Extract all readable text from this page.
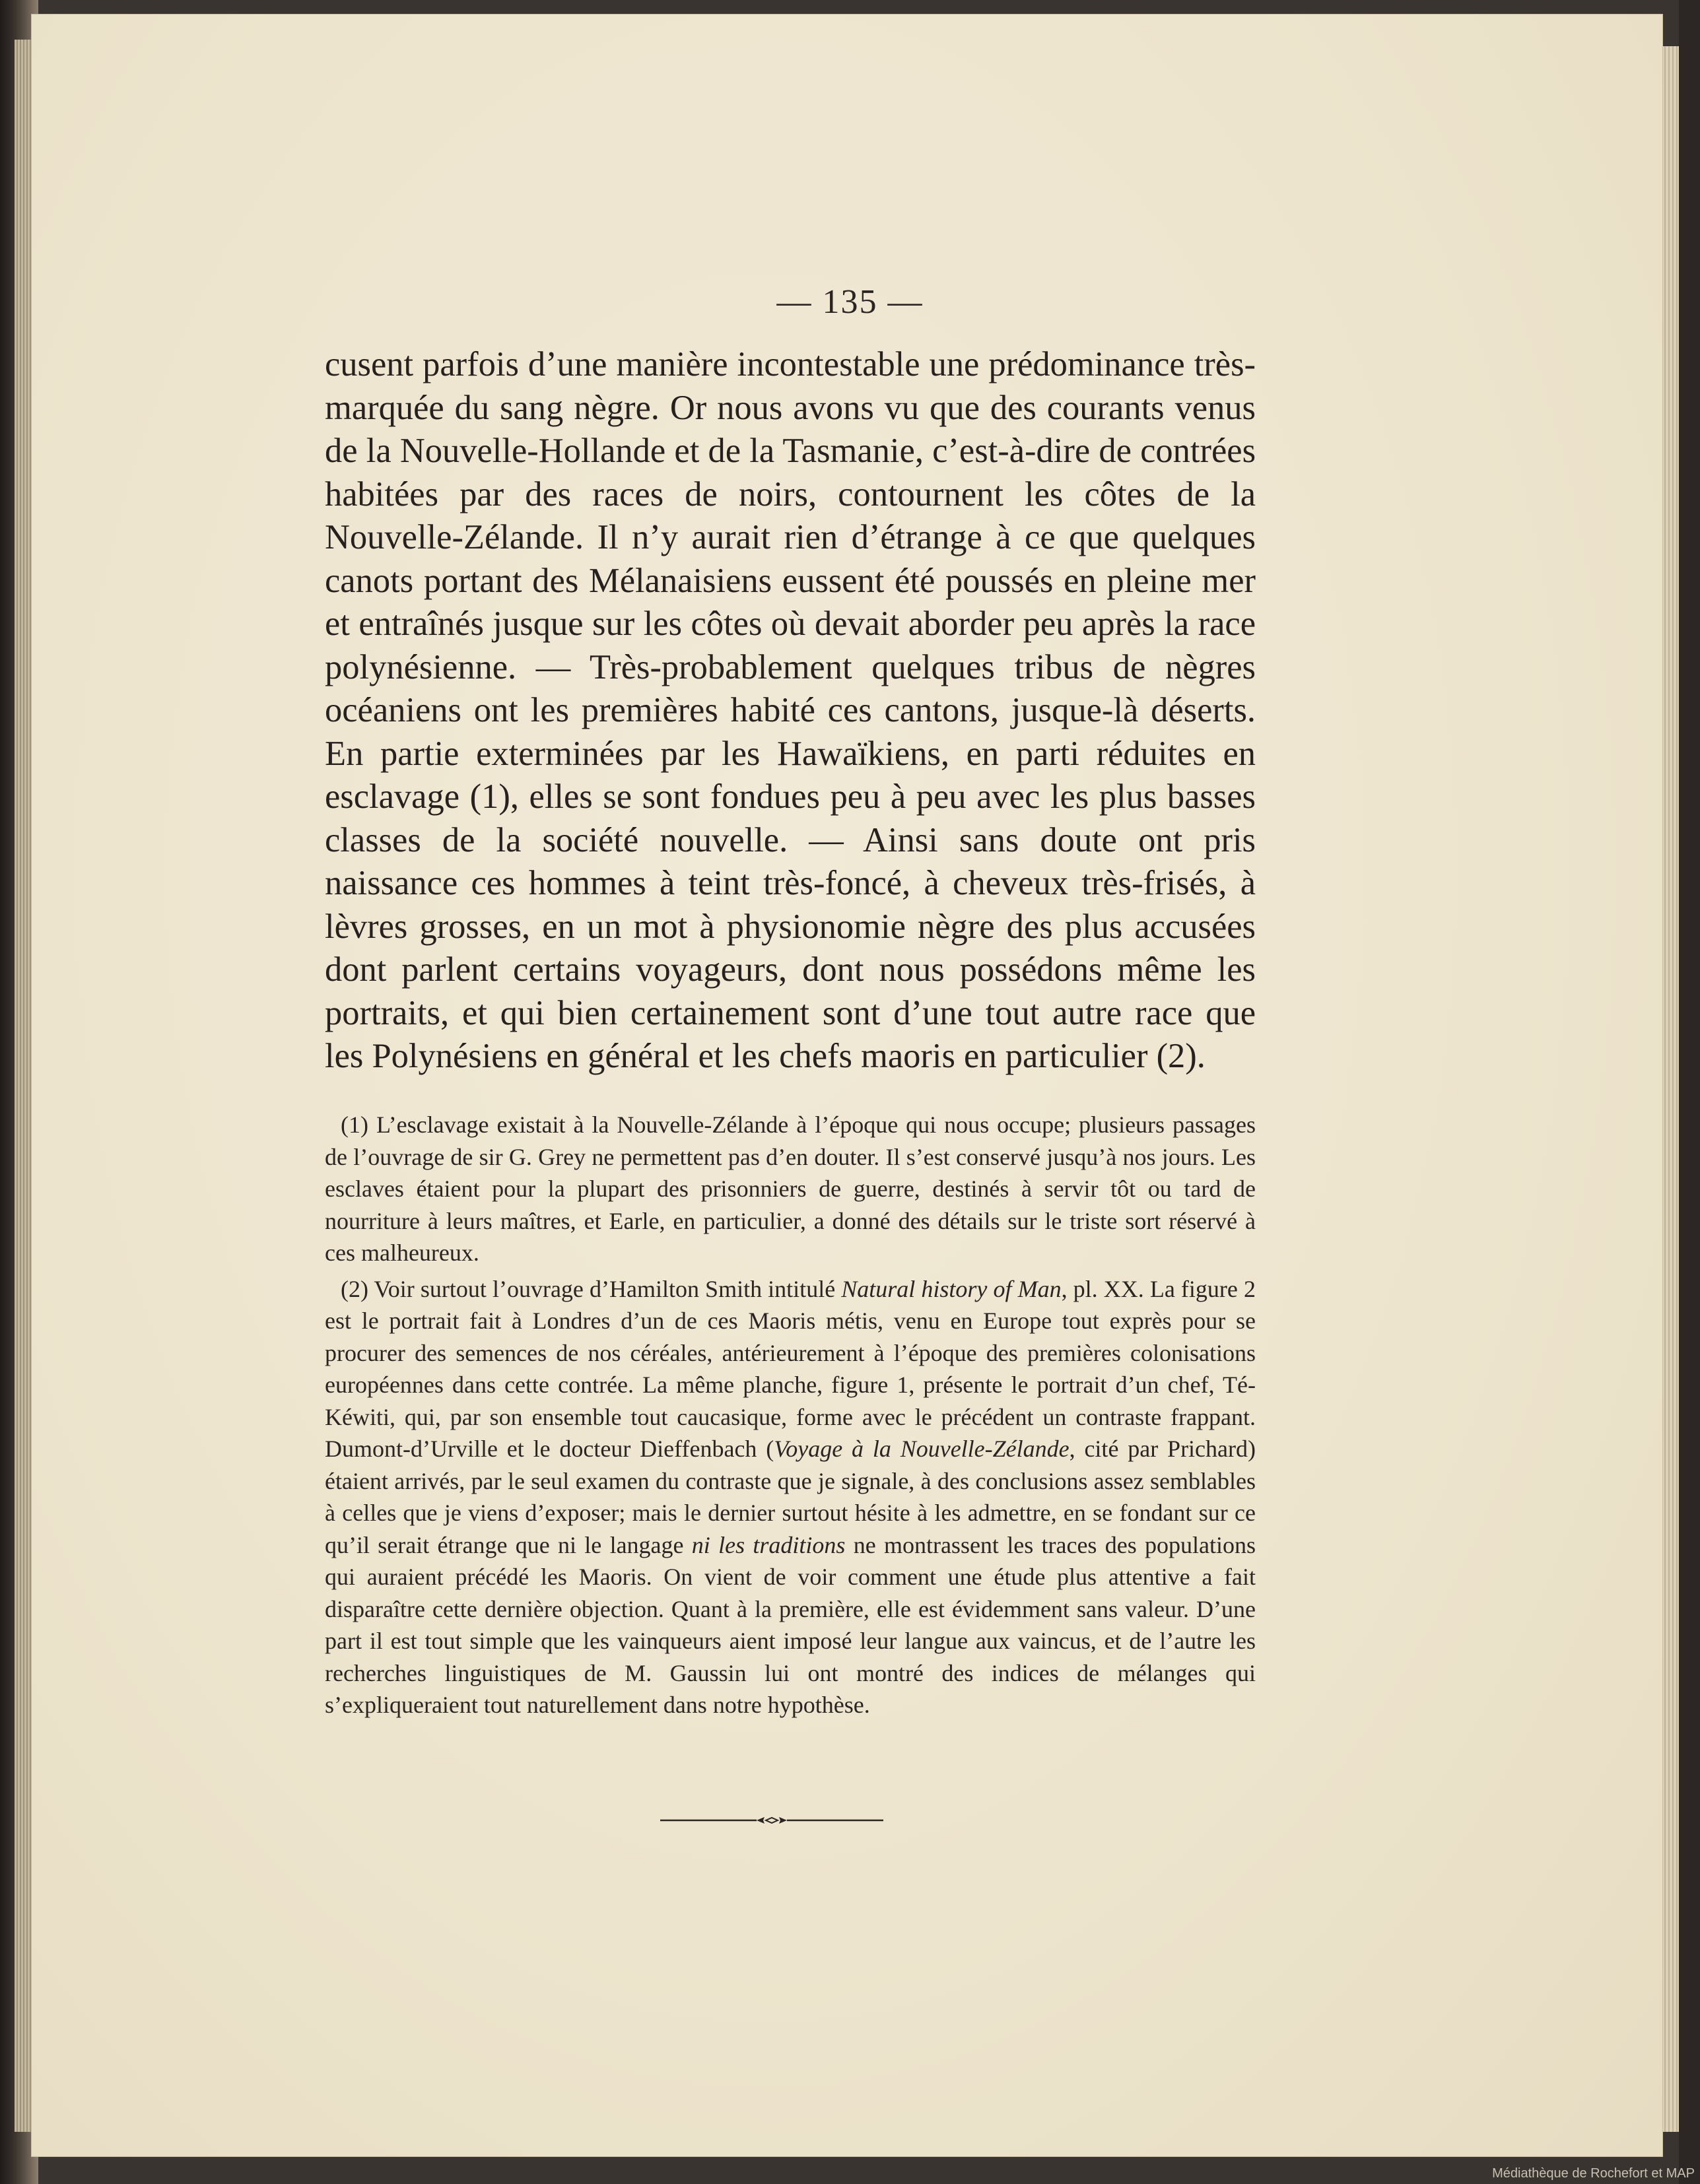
— 135 —

cusent parfois d’une manière incontestable une prédominance très-marquée du sang nègre. Or nous avons vu que des courants venus de la Nouvelle-Hollande et de la Tasmanie, c’est-à-dire de contrées habitées par des races de noirs, contournent les côtes de la Nouvelle-Zélande. Il n’y aurait rien d’étrange à ce que quelques canots portant des Mélanaisiens eussent été poussés en pleine mer et entraînés jusque sur les côtes où devait aborder peu après la race polynésienne. — Très-probablement quelques tribus de nègres océaniens ont les premières habité ces cantons, jusque-là déserts. En partie exterminées par les Hawaïkiens, en parti réduites en esclavage (1), elles se sont fondues peu à peu avec les plus basses classes de la société nouvelle. — Ainsi sans doute ont pris naissance ces hommes à teint très-foncé, à cheveux très-frisés, à lèvres grosses, en un mot à physionomie nègre des plus accusées dont parlent certains voyageurs, dont nous possédons même les portraits, et qui bien certainement sont d’une tout autre race que les Polynésiens en général et les chefs maoris en particulier (2).

(1) L’esclavage existait à la Nouvelle-Zélande à l’époque qui nous occupe; plusieurs passages de l’ouvrage de sir G. Grey ne permettent pas d’en douter. Il s’est conservé jusqu’à nos jours. Les esclaves étaient pour la plupart des prisonniers de guerre, destinés à servir tôt ou tard de nourriture à leurs maîtres, et Earle, en particulier, a donné des détails sur le triste sort réservé à ces malheureux.

(2) Voir surtout l’ouvrage d’Hamilton Smith intitulé Natural history of Man, pl. XX. La figure 2 est le portrait fait à Londres d’un de ces Maoris métis, venu en Europe tout exprès pour se procurer des semences de nos céréales, antérieurement à l’époque des premières colonisations européennes dans cette contrée. La même planche, figure 1, présente le portrait d’un chef, Té-Kéwiti, qui, par son ensemble tout caucasique, forme avec le précédent un contraste frappant. Dumont-d’Urville et le docteur Dieffenbach (Voyage à la Nouvelle-Zélande, cité par Prichard) étaient arrivés, par le seul examen du contraste que je signale, à des conclusions assez semblables à celles que je viens d’exposer; mais le dernier surtout hésite à les admettre, en se fondant sur ce qu’il serait étrange que ni le langage ni les traditions ne montrassent les traces des populations qui auraient précédé les Maoris. On vient de voir comment une étude plus attentive a fait disparaître cette dernière objection. Quant à la première, elle est évidemment sans valeur. D’une part il est tout simple que les vainqueurs aient imposé leur langue aux vaincus, et de l’autre les recherches linguistiques de M. Gaussin lui ont montré des indices de mélanges qui s’expliqueraient tout naturellement dans notre hypothèse.

Médiathèque de Rochefort et MAP
